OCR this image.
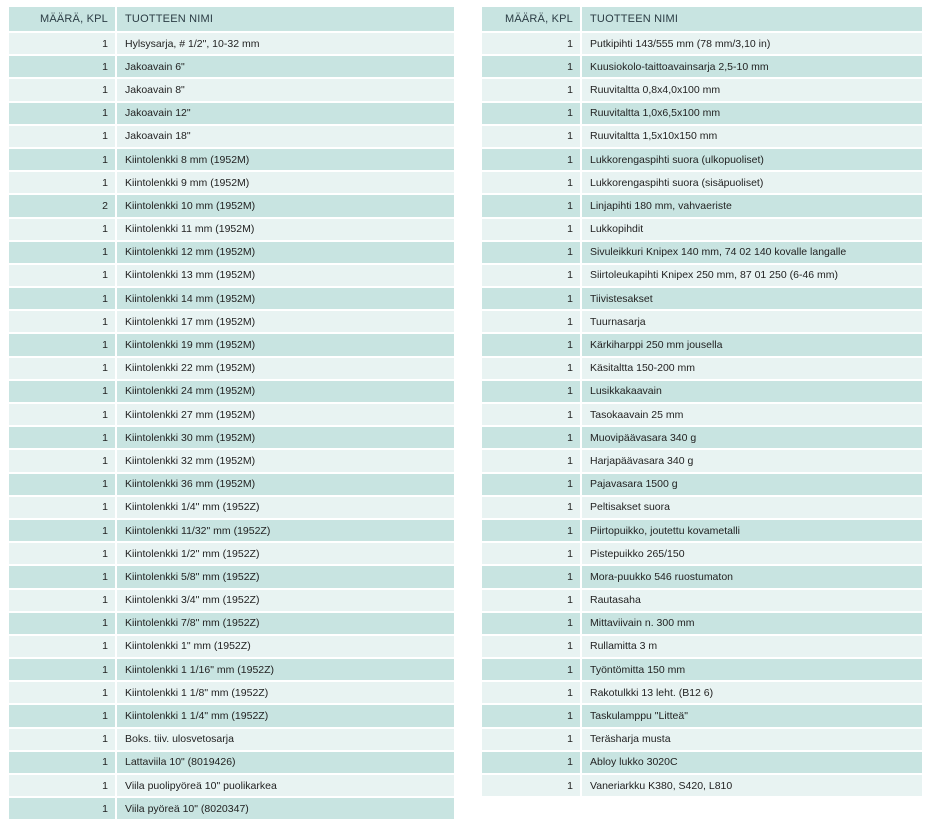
MÄÄRÄ, KPL	TUOTTEEN NIMI
1	Hylsysarja, # 1/2", 10-32 mm
1	Jakoavain 6"
1	Jakoavain 8"
1	Jakoavain 12"
1	Jakoavain 18"
1	Kiintolenkki 8 mm (1952M)
1	Kiintolenkki 9 mm (1952M)
2	Kiintolenkki 10 mm (1952M)
1	Kiintolenkki 11 mm (1952M)
1	Kiintolenkki 12 mm (1952M)
1	Kiintolenkki 13 mm (1952M)
1	Kiintolenkki 14 mm (1952M)
1	Kiintolenkki 17 mm (1952M)
1	Kiintolenkki 19 mm (1952M)
1	Kiintolenkki 22 mm (1952M)
1	Kiintolenkki 24 mm (1952M)
1	Kiintolenkki 27 mm (1952M)
1	Kiintolenkki 30 mm (1952M)
1	Kiintolenkki 32 mm (1952M)
1	Kiintolenkki 36 mm (1952M)
1	Kiintolenkki 1/4" mm (1952Z)
1	Kiintolenkki 11/32" mm (1952Z)
1	Kiintolenkki 1/2" mm (1952Z)
1	Kiintolenkki 5/8" mm (1952Z)
1	Kiintolenkki 3/4" mm (1952Z)
1	Kiintolenkki 7/8" mm (1952Z)
1	Kiintolenkki 1" mm (1952Z)
1	Kiintolenkki 1 1/16" mm (1952Z)
1	Kiintolenkki 1 1/8" mm (1952Z)
1	Kiintolenkki 1 1/4" mm (1952Z)
1	Boks. tiiv. ulosvetosarja
1	Lattaviila 10" (8019426)
1	Viila puolipyöreä 10" puolikarkea
1	Viila pyöreä 10" (8020347)
MÄÄRÄ, KPL	TUOTTEEN NIMI
1	Putkipihti 143/555 mm (78 mm/3,10 in)
1	Kuusiokolo-taittoavainsarja 2,5-10 mm
1	Ruuvitaltta 0,8x4,0x100 mm
1	Ruuvitaltta 1,0x6,5x100 mm
1	Ruuvitaltta 1,5x10x150 mm
1	Lukkorengaspihti suora (ulkopuoliset)
1	Lukkorengaspihti suora (sisäpuoliset)
1	Linjapihti 180 mm, vahvaeriste
1	Lukkopihdit
1	Sivuleikkuri Knipex 140 mm, 74 02 140 kovalle langalle
1	Siirtoleukapihti Knipex 250 mm, 87 01 250 (6-46 mm)
1	Tiivistesakset
1	Tuurnasarja
1	Kärkiharppi 250 mm jousella
1	Käsitaltta 150-200 mm
1	Lusikkakaavain
1	Tasokaavain 25 mm
1	Muovipäävasara 340 g
1	Harjapäävasara 340 g
1	Pajavasara 1500 g
1	Peltisakset suora
1	Piirtopuikko, joutettu kovametalli
1	Pistepuikko 265/150
1	Mora-puukko 546 ruostumaton
1	Rautasaha
1	Mittaviivain n. 300 mm
1	Rullamitta 3 m
1	Työntömitta 150 mm
1	Rakotulkki 13 leht. (B12 6)
1	Taskulamppu "Litteä"
1	Teräsharja musta
1	Abloy lukko 3020C
1	Vaneriarkku K380, S420, L810
